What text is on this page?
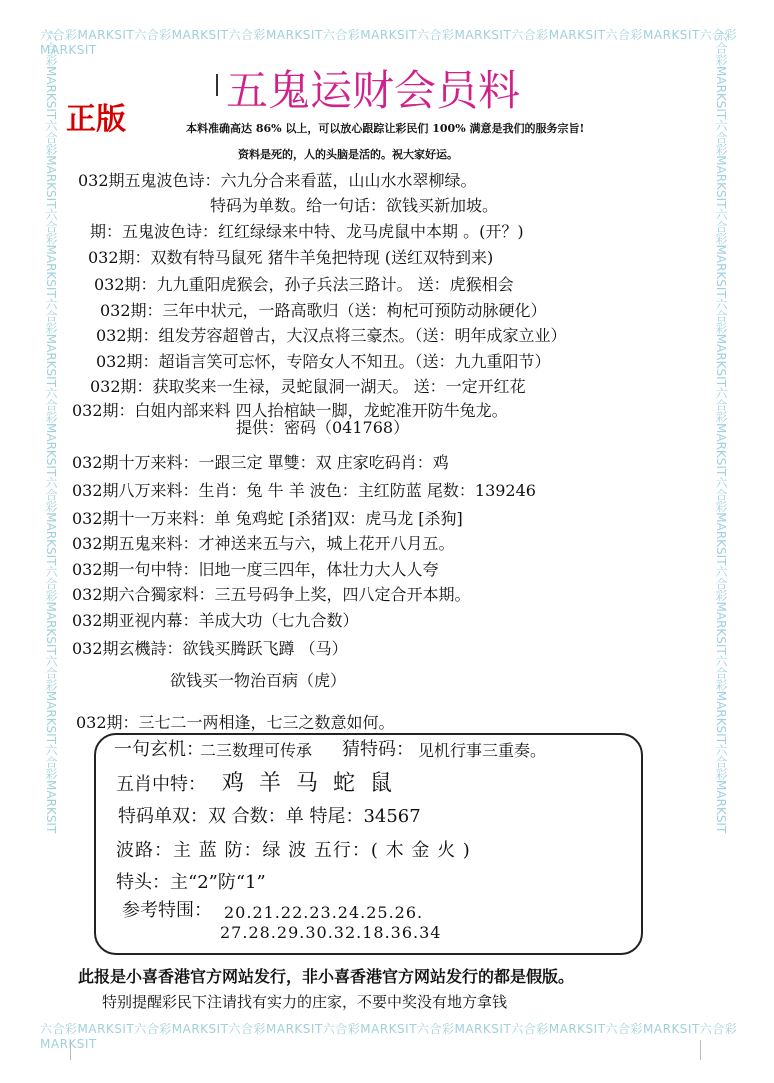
六合彩MARKSIT六合彩MARKSIT六合彩MARKSIT六合彩MARKSIT六合彩MARKSIT六合彩MARKSIT六合彩MARKSIT六合彩MARKSIT
六合彩MARKSIT六合彩MARKSIT六合彩MARKSIT六合彩MARKSIT六合彩MARKSIT六合彩MARKSIT六合彩MARKSIT六合彩MARKSIT
六合彩MARKSIT六合彩MARKSIT六合彩MARKSIT六合彩MARKSIT六合彩MARKSIT六合彩MARKSIT六合彩MARKSIT六合彩MARKSIT六合彩MARKSIT	六合彩MARKSIT六合彩MARKSIT六合彩MARKSIT六合彩MARKSIT六合彩MARKSIT六合彩MARKSIT六合彩MARKSIT六合彩MARKSIT六合彩MARKSIT
五鬼运财会员料
正版	本料准确高达 86% 以上，可以放心跟踪让彩民们 100% 满意是我们的服务宗旨!
资料是死的，人的头脑是活的。祝大家好运。
032期五鬼波色诗：六九分合来看蓝，山山水水翠柳绿。
特码为单数。给一句话：欲钱买新加坡。
期：五鬼波色诗：红红绿绿来中特、龙马虎鼠中本期 。(开？)
032期：双数有特马鼠死 猪牛羊兔把特现 (送红双特到来)
032期：九九重阳虎猴会，孙子兵法三路计。 送：虎猴相会
032期：三年中状元，一路高歌归（送：枸杞可预防动脉硬化）
032期：组发芳容超曾古，大汉点将三豪杰。（送：明年成家立业）
032期：超诣言笑可忘怀，专陪女人不知丑。（送：九九重阳节）
032期：获取奖来一生禄，灵蛇鼠洞一湖天。 送：一定开红花
032期：白姐内部来料 四人抬棺缺一脚，龙蛇准开防牛兔龙。
提供：密码（041768）
032期十万来料：一跟三定 單雙：双 庄家吃码肖：鸡
032期八万来料：生肖：兔 牛 羊 波色：主红防蓝 尾数：139246
032期十一万来料：单 兔鸡蛇 [杀猪]双：虎马龙 [杀狗]
032期五鬼来料：才神送来五与六，城上花开八月五。
032期一句中特：旧地一度三四年，体壮力大人人夸
032期六合獨家料：三五号码争上奖，四八定合开本期。
032期亚视内幕：羊成大功（七九合数）
032期玄機詩：欲钱买腾跃飞蹲 （马）
欲钱买一物治百病（虎）
032期：三七二一两相逢，七三之数意如何。
一句玄机：
二三数理可传承 猜特码： 见机行事三重奏。
五肖中特： 鸡 羊 马 蛇 鼠
特码单双：双 合数：单 特尾：34567
波路：主 蓝 防：绿 波 五行：( 木 金 火 )
特头：主“2”防“1”
参考特围： 20.21.22.23.24.25.26.
27.28.29.30.32.18.36.34
此报是小喜香港官方网站发行，非小喜香港官方网站发行的都是假版。
特别提醒彩民下注请找有实力的庄家，不要中奖没有地方拿钱
